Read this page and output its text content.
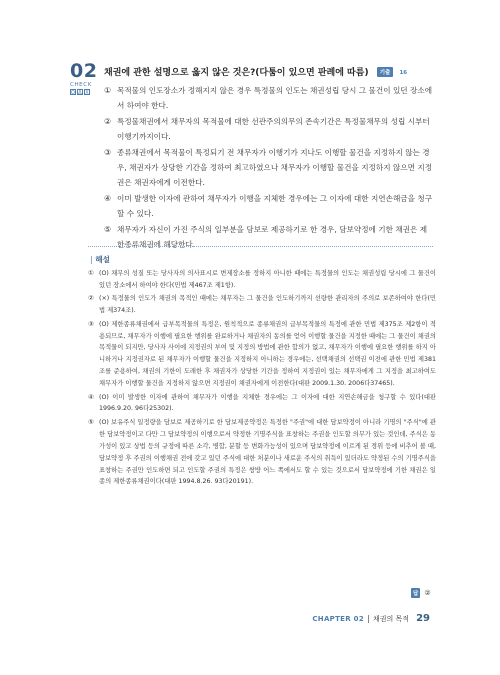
02
CHECK
O Δ X
채권에 관한 설명으로 옳지 않은 것은?(다툼이 있으면 판례에 따름) 기출 16
① 목적물의 인도장소가 정해지지 않은 경우 특정물의 인도는 채권성립 당시 그 물건이 있던 장소에서 하여야 한다.
② 특정물채권에서 채무자의 목적물에 대한 선관주의의무의 존속기간은 특정물채무의 성립 시부터 이행기까지이다.
③ 종류채권에서 목적물이 특정되기 전 채무자가 이행기가 지나도 이행할 물건을 지정하지 않는 경우, 채권자가 상당한 기간을 정하여 최고하였으나 채무자가 이행할 물건을 지정하지 않으면 지정권은 채권자에게 이전한다.
④ 이미 발생한 이자에 관하여 채무자가 이행을 지체한 경우에는 그 이자에 대한 지연손해금을 청구할 수 있다.
⑤ 채무자가 자신이 가진 주식의 일부분을 담보로 제공하기로 한 경우, 담보약정에 기한 채권은 제한종류채권에 해당한다.
| 해설
① (O) 채무의 성질 또는 당사자의 의사표시로 변제장소를 정하지 아니한 때에는 특정물의 인도는 채권성립 당시에 그 물건이 있던 장소에서 하여야 한다(민법 제467조 제1항).
② (×) 특정물의 인도가 채권의 목적인 때에는 채무자는 그 물건을 인도하기까지 선량한 관리자의 주의로 보존하여야 한다(민법 제374조).
③ (O) 제한종류채권에서 급부목적물의 특정은, 원칙적으로 종류채권의 급부목적물의 특정에 관한 민법 제375조 제2항이 적용되므로, 채무자가 이행에 필요한 행위를 완료하거나 채권자의 동의를 얻어 이행할 물건을 지정한 때에는 그 물건이 채권의 목적물이 되지만, 당사자 사이에 지정권의 부여 및 지정의 방법에 관한 합의가 없고, 채무자가 이행에 필요한 행위를 하지 아니하거나 지정권자로 된 채무자가 이행할 물건을 지정하지 아니하는 경우에는, 선택채권의 선택권 이전에 관한 민법 제381조를 준용하여, 채권의 기한이 도래한 후 채권자가 상당한 기간을 정하여 지정권이 있는 채무자에게 그 지정을 최고하여도 채무자가 이행할 물건을 지정하지 않으면 지정권이 채권자에게 이전한다(대판 2009.1.30. 2006다37465).
④ (O) 이미 발생한 이자에 관하여 채무자가 이행을 지체한 경우에는 그 이자에 대한 지연손해금을 청구할 수 있다(대판 1996.9.20. 96다25302).
⑤ (O) 보유주식 일정량을 담보로 제공하기로 한 담보제공약정은 특정한 "주권"에 대한 담보약정이 아니라 기명의 "주식"에 관한 담보약정이고 다만 그 담보약정의 이행으로서 약정한 기명주식을 표창하는 주권을 인도할 의무가 있는 것인데, 주식은 동가성이 있고 상법 등의 규정에 따른 소각, 병합, 분할 등 변화가능성이 있으며 담보약정에 이르게 된 경위 등에 비추어 볼 때, 담보약정 후 주권의 이행채권 전에 갖고 있던 주식에 대한 처분이나 새로운 주식의 취득이 있더라도 약정된 수의 기명주식을 표창하는 주권만 인도하면 되고 인도할 주권의 특정은 쌍방 어느 쪽에서도 할 수 있는 것으로서 담보약정에 기한 채권은 일종의 제한종류채권이다(대판 1994.8.26. 93다20191).
답 ②
CHAPTER 02 채권의 목적 29
